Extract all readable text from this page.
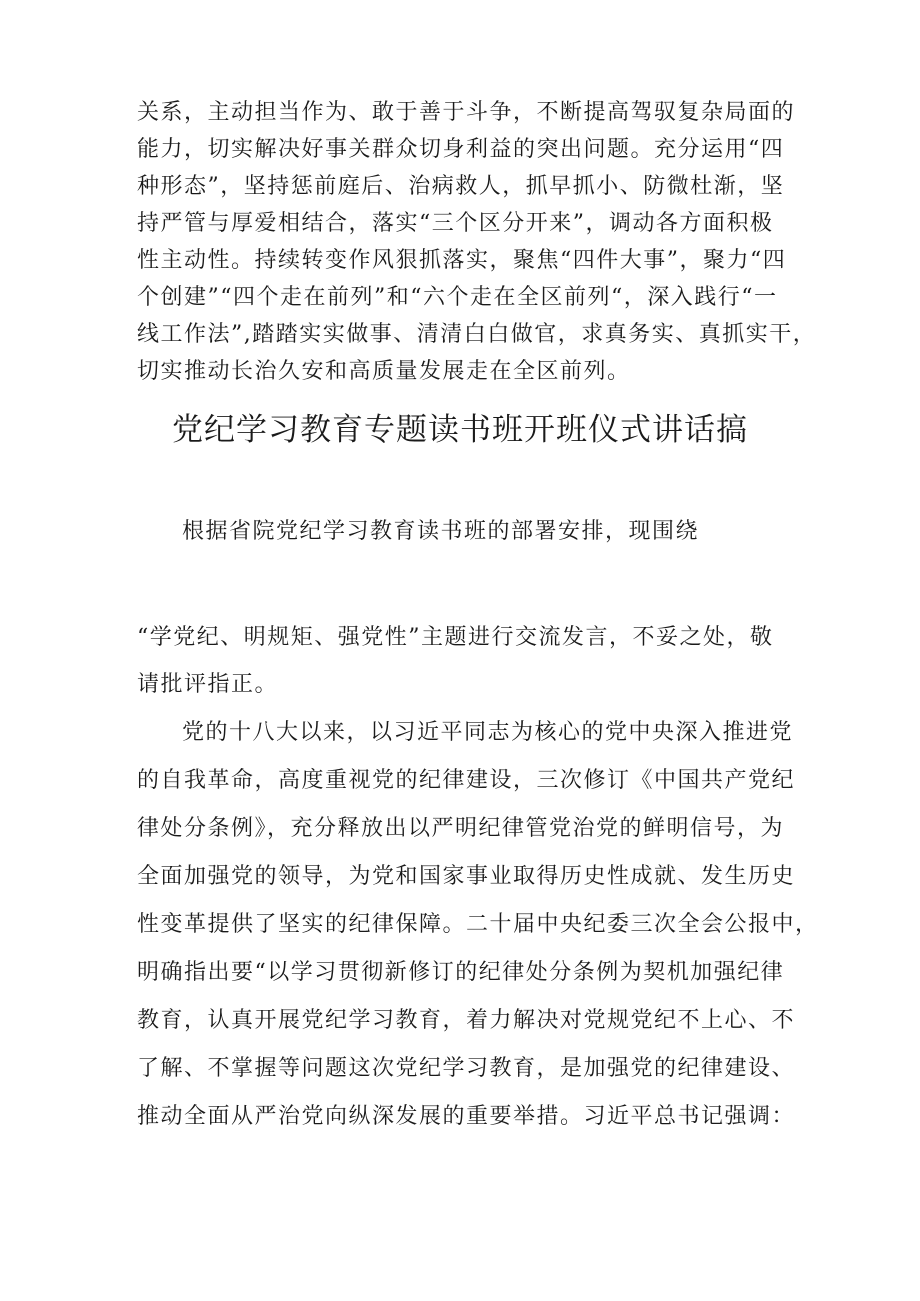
关系，主动担当作为、敢于善于斗争，不断提高驾驭复杂局面的
能力，切实解决好事关群众切身利益的突出问题。充分运用“四
种形态”，坚持惩前庭后、治病救人，抓早抓小、防微杜渐，坚
持严管与厚爱相结合，落实“三个区分开来”，调动各方面积极
性主动性。持续转变作风狠抓落实，聚焦“四件大事”，聚力“四
个创建”“四个走在前列”和“六个走在全区前列“，深入践行“一
线工作法”,踏踏实实做事、清清白白做官，求真务实、真抓实干，
切实推动长治久安和高质量发展走在全区前列。
党纪学习教育专题读书班开班仪式讲话搞
根据省院党纪学习教育读书班的部署安排，现围绕
“学党纪、明规矩、强党性”主题进行交流发言，不妥之处，敬
请批评指正。
党的十八大以来，以习近平同志为核心的党中央深入推进党
的自我革命，高度重视党的纪律建设，三次修订《中国共产党纪
律处分条例》，充分释放出以严明纪律管党治党的鲜明信号，为
全面加强党的领导，为党和国家事业取得历史性成就、发生历史
性变革提供了坚实的纪律保障。二十届中央纪委三次全会公报中，
明确指出要“以学习贯彻新修订的纪律处分条例为契机加强纪律
教育，认真开展党纪学习教育，着力解决对党规党纪不上心、不
了解、不掌握等问题这次党纪学习教育，是加强党的纪律建设、
推动全面从严治党向纵深发展的重要举措。习近平总书记强调：
